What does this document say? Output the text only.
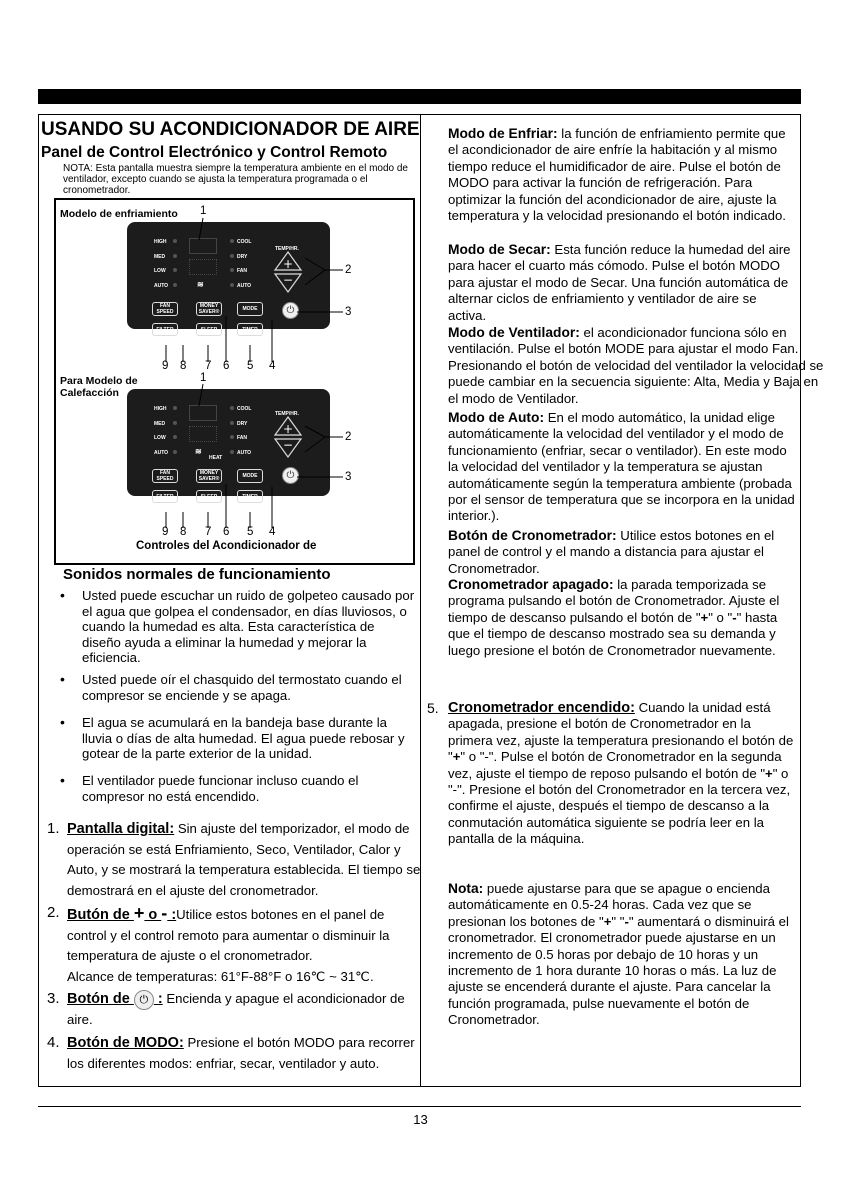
USANDO SU ACONDICIONADOR DE AIRE
Panel de Control Electrónico y Control Remoto
NOTA: Esta pantalla muestra siempre la temperatura ambiente en el modo de ventilador, excepto cuando se ajusta la temperatura programada o el cronometrador.
Modelo de enfriamiento
Para Modelo de Calefacción
HIGH
MED
LOW
AUTO	≋
COOL
DRY
FAN
AUTO
TEMP/HR.
+
−
FAN SPEED
MONEY SAVER®	MODE	⏻
FILTER	SLEEP	TIMER
HIGH
MED
LOW
AUTO	≋
HEAT
COOL
DRY
FAN
AUTO
TEMP/HR.
+
−
FAN SPEED
MONEY SAVER®	MODE	⏻
FILTER	SLEEP	TIMER
1
2
3
9 8 7 6 5 4
1
2
3
9 8 7 6 5 4
Controles del Acondicionador de
Sonidos normales de funcionamiento
• Usted puede escuchar un ruido de golpeteo causado por el agua que golpea el condensador, en días lluviosos, o cuando la humedad es alta. Esta característica de diseño ayuda a eliminar la humedad y mejorar la eficiencia.
• Usted puede oír el chasquido del termostato cuando el compresor se enciende y se apaga.
• El agua se acumulará en la bandeja base durante la lluvia o días de alta humedad. El agua puede rebosar y gotear de la parte exterior de la unidad.
• El ventilador puede funcionar incluso cuando el compresor no está encendido.
1. Pantalla digital: Sin ajuste del temporizador, el modo de operación se está Enfriamiento, Seco, Ventilador, Calor y Auto, y se mostrará la temperatura establecida. El tiempo se demostrará en el ajuste del cronometrador.
2. Butón de + o - :Utilice estos botones en el panel de control y el control remoto para aumentar o disminuir la temperatura de ajuste o el cronometrador.
Alcance de temperaturas: 61°F-88°F o 16℃ ~ 31℃.
3. Botón de ⏻ : Encienda y apague el acondicionador de aire.
4. Botón de MODO: Presione el botón MODO para recorrer los diferentes modos: enfriar, secar, ventilador y auto.
Modo de Enfriar: la función de enfriamiento permite que el acondicionador de aire enfríe la habitación y al mismo tiempo reduce el humidificador de aire. Pulse el botón de MODO para activar la función de refrigeración. Para optimizar la función del acondicionador de aire, ajuste la temperatura y la velocidad presionando el botón indicado.
Modo de Secar: Esta función reduce la humedad del aire para hacer el cuarto más cómodo. Pulse el botón MODO para ajustar el modo de Secar. Una función automática de alternar ciclos de enfriamiento y ventilador de aire se activa.
Modo de Ventilador: el acondicionador funciona sólo en ventilación. Pulse el botón MODE para ajustar el modo Fan. Presionando el botón de velocidad del ventilador la velocidad se puede cambiar en la secuencia siguiente: Alta, Media y Baja en el modo de Ventilador.
Modo de Auto: En el modo automático, la unidad elige automáticamente la velocidad del ventilador y el modo de funcionamiento (enfriar, secar o ventilador). En este modo la velocidad del ventilador y la temperatura se ajustan automáticamente según la temperatura ambiente (probada por el sensor de temperatura que se incorpora en la unidad interior.).
Botón de Cronometrador: Utilice estos botones en el panel de control y el mando a distancia para ajustar el Cronometrador.
Cronometrador apagado: la parada temporizada se programa pulsando el botón de Cronometrador. Ajuste el tiempo de descanso pulsando el botón de "+" o "-" hasta que el tiempo de descanso mostrado sea su demanda y luego presione el botón de Cronometrador nuevamente.
5. Cronometrador encendido: Cuando la unidad está apagada, presione el botón de Cronometrador en la primera vez, ajuste la temperatura presionando el botón de "+" o "-". Pulse el botón de Cronometrador en la segunda vez, ajuste el tiempo de reposo pulsando el botón de "+" o "-". Presione el botón del Cronometrador en la tercera vez, confirme el ajuste, después el tiempo de descanso a la conmutación automática siguiente se podría leer en la pantalla de la máquina.
Nota: puede ajustarse para que se apague o encienda automáticamente en 0.5-24 horas. Cada vez que se presionan los botones de "+" "-" aumentará o disminuirá el cronometrador. El cronometrador puede ajustarse en un incremento de 0.5 horas por debajo de 10 horas y un incremento de 1 hora durante 10 horas o más. La luz de ajuste se encenderá durante el ajuste. Para cancelar la función programada, pulse nuevamente el botón de Cronometrador.
13
